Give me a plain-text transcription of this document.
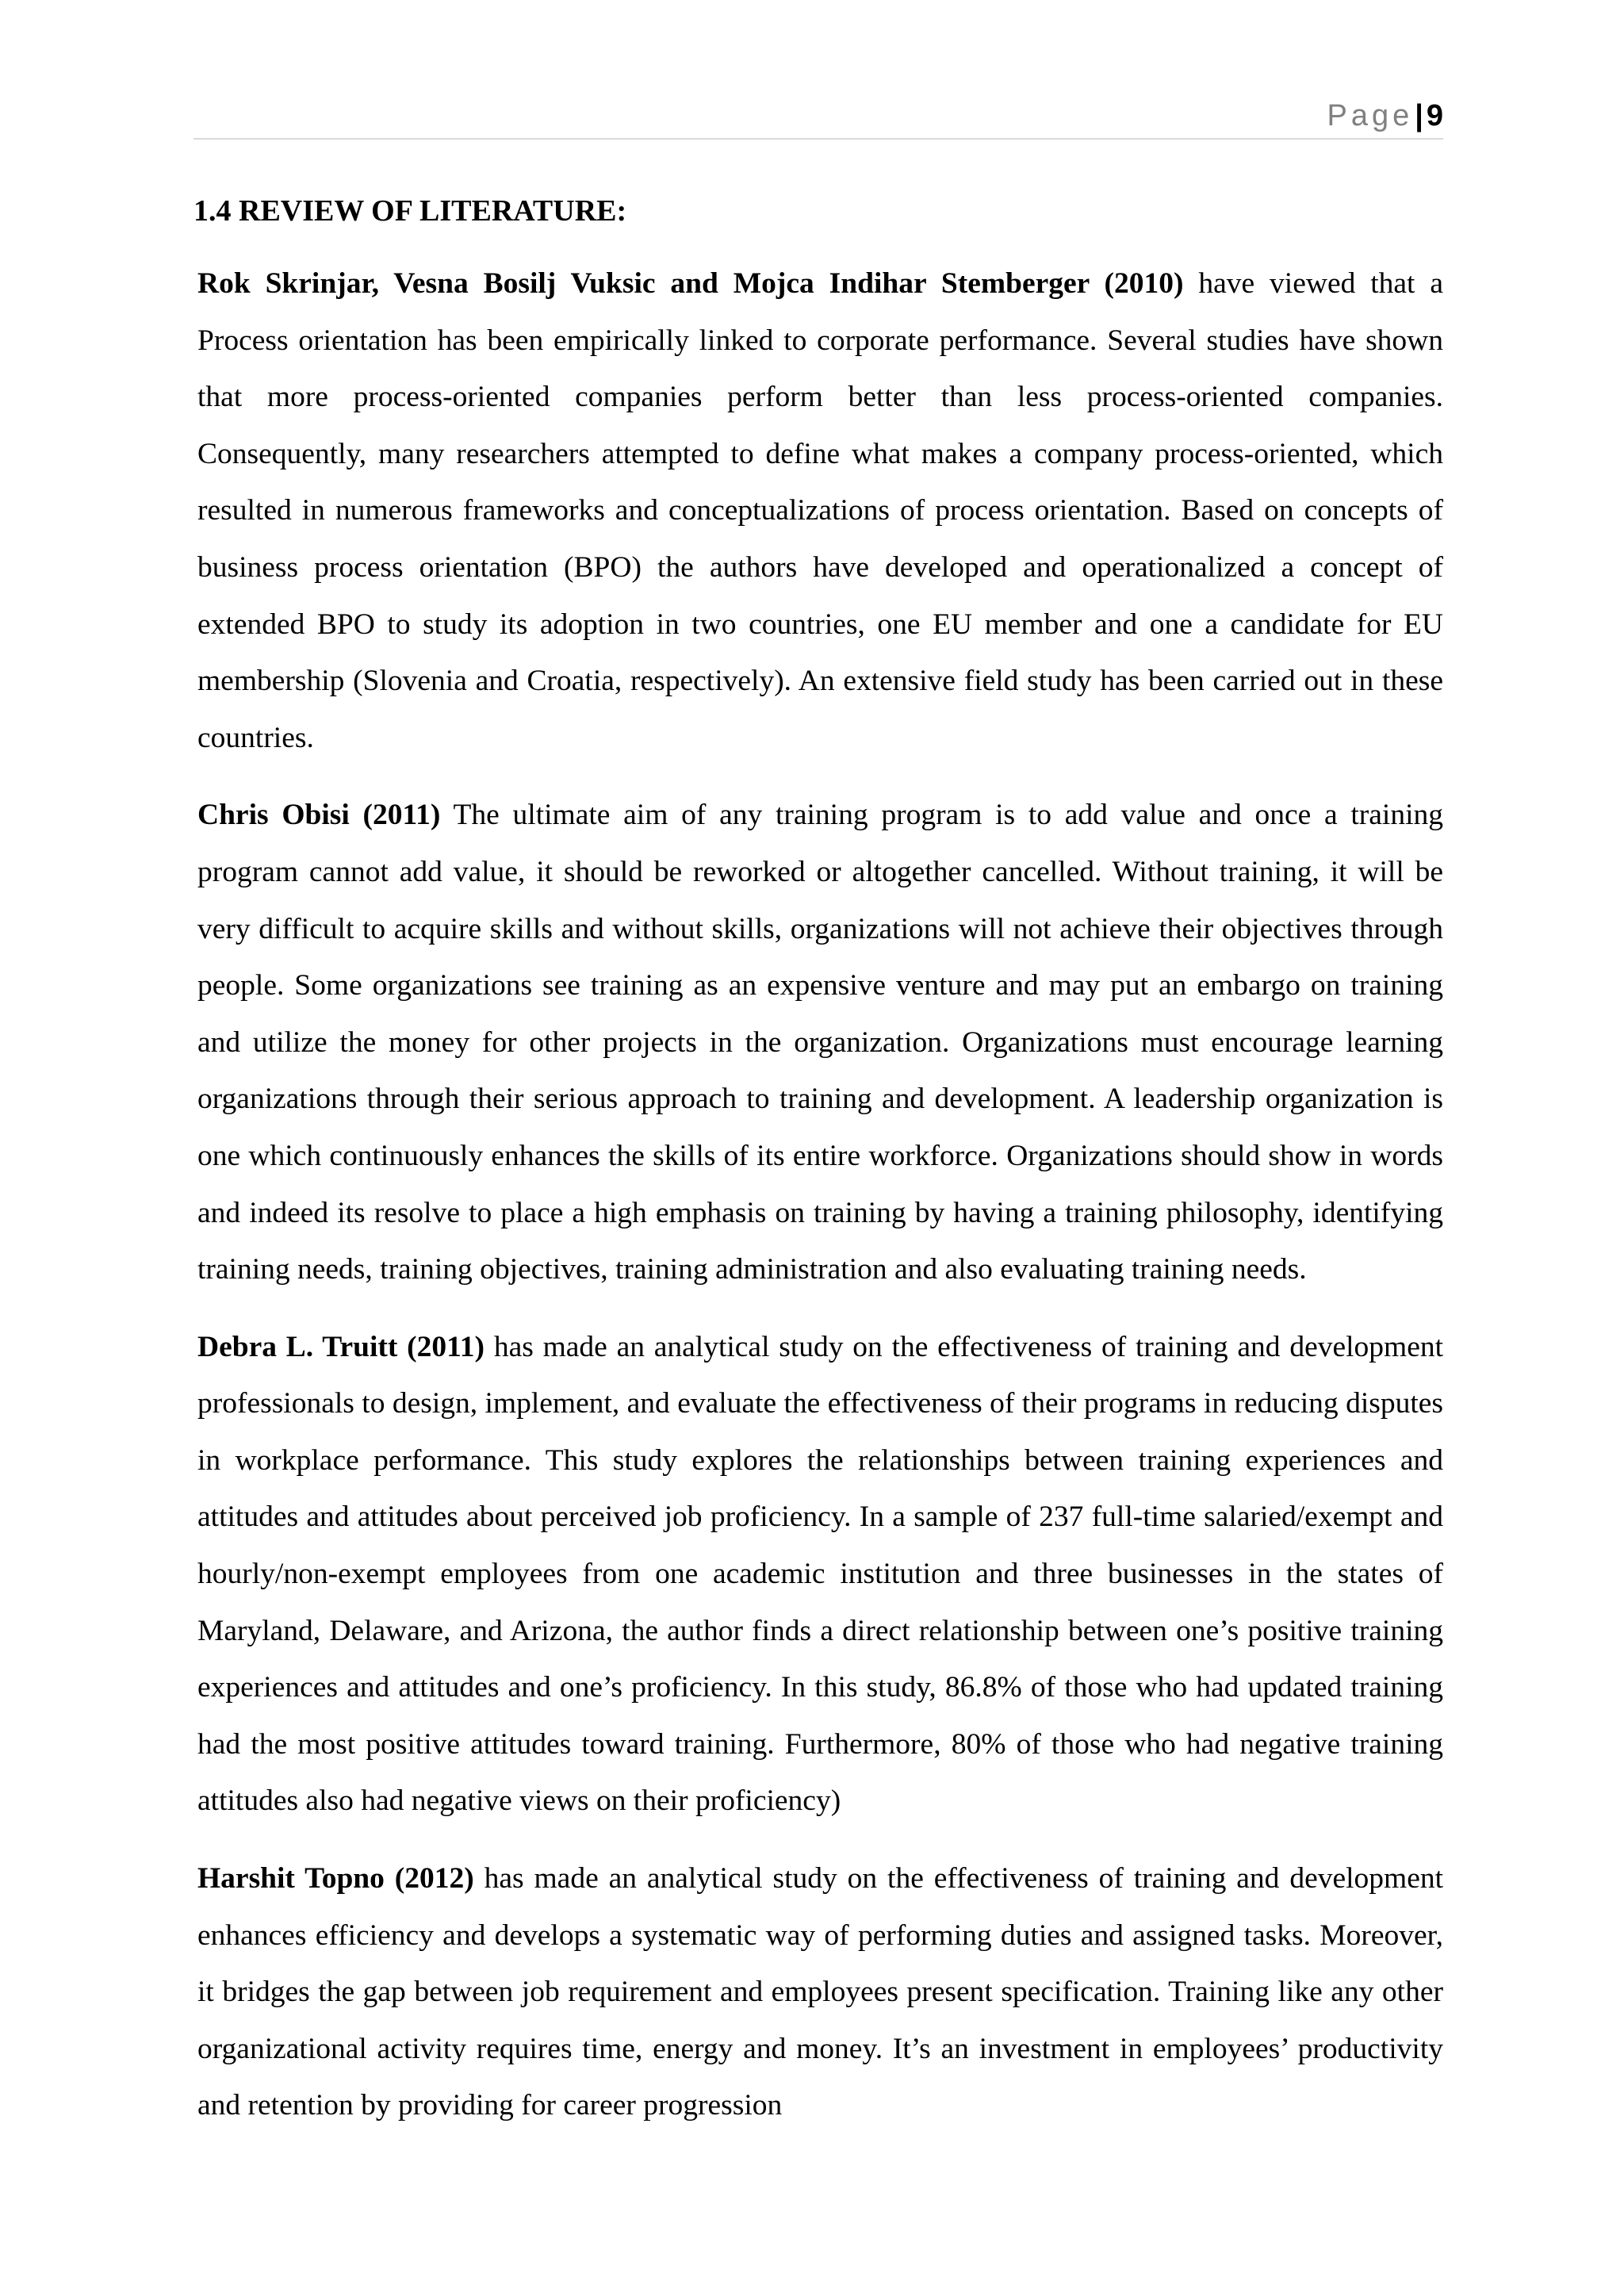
Page| 9
1.4 REVIEW OF LITERATURE:

Rok Skrinjar, Vesna Bosilj Vuksic and Mojca Indihar Stemberger (2010) have viewed that a Process orientation has been empirically linked to corporate performance. Several studies have shown that more process-oriented companies perform better than less process-oriented companies. Consequently, many researchers attempted to define what makes a company process-oriented, which resulted in numerous frameworks and conceptualizations of process orientation. Based on concepts of business process orientation (BPO) the authors have developed and operationalized a concept of extended BPO to study its adoption in two countries, one EU member and one a candidate for EU membership (Slovenia and Croatia, respectively). An extensive field study has been carried out in these countries.

Chris Obisi (2011) The ultimate aim of any training program is to add value and once a training program cannot add value, it should be reworked or altogether cancelled. Without training, it will be very difficult to acquire skills and without skills, organizations will not achieve their objectives through people. Some organizations see training as an expensive venture and may put an embargo on training and utilize the money for other projects in the organization. Organizations must encourage learning organizations through their serious approach to training and development. A leadership organization is one which continuously enhances the skills of its entire workforce. Organizations should show in words and indeed its resolve to place a high emphasis on training by having a training philosophy, identifying training needs, training objectives, training administration and also evaluating training needs.

Debra L. Truitt (2011) has made an analytical study on the effectiveness of training and development professionals to design, implement, and evaluate the effectiveness of their programs in reducing disputes in workplace performance. This study explores the relationships between training experiences and attitudes and attitudes about perceived job proficiency. In a sample of 237 full-time salaried/exempt and hourly/non-exempt employees from one academic institution and three businesses in the states of Maryland, Delaware, and Arizona, the author finds a direct relationship between one’s positive training experiences and attitudes and one’s proficiency. In this study, 86.8% of those who had updated training had the most positive attitudes toward training. Furthermore, 80% of those who had negative training attitudes also had negative views on their proficiency)

Harshit Topno (2012) has made an analytical study on the effectiveness of training and development enhances efficiency and develops a systematic way of performing duties and assigned tasks. Moreover, it bridges the gap between job requirement and employees present specification. Training like any other organizational activity requires time, energy and money. It’s an investment in employees’ productivity and retention by providing for career progression
